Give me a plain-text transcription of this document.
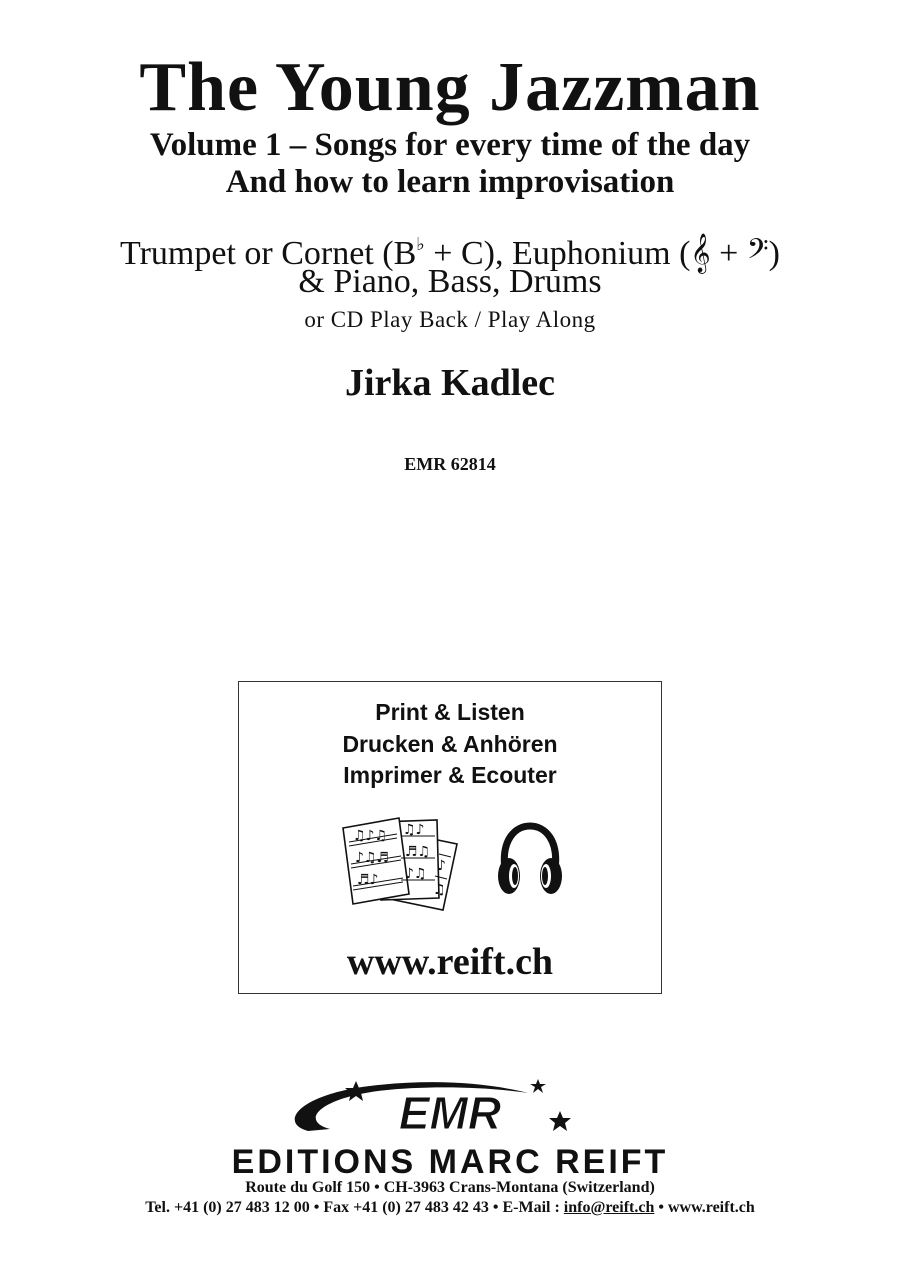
The Young Jazzman
Volume 1 – Songs for every time of the day
And how to learn improvisation
Trumpet or Cornet (B♭ + C), Euphonium (𝄞 + 𝄢)
& Piano, Bass, Drums
or CD Play Back / Play Along
Jirka Kadlec
EMR 62814
Print & Listen
Drucken & Anhören
Imprimer & Ecouter
♫♪♫
♪♫♬
♬♪
♫♪
♬♫
♪♫ ♪
♫
www.reift.ch
EMR
EDITIONS MARC REIFT
Route du Golf 150 • CH-3963 Crans-Montana (Switzerland)
Tel. +41 (0) 27 483 12 00 • Fax +41 (0) 27 483 42 43 • E-Mail : info@reift.ch • www.reift.ch
